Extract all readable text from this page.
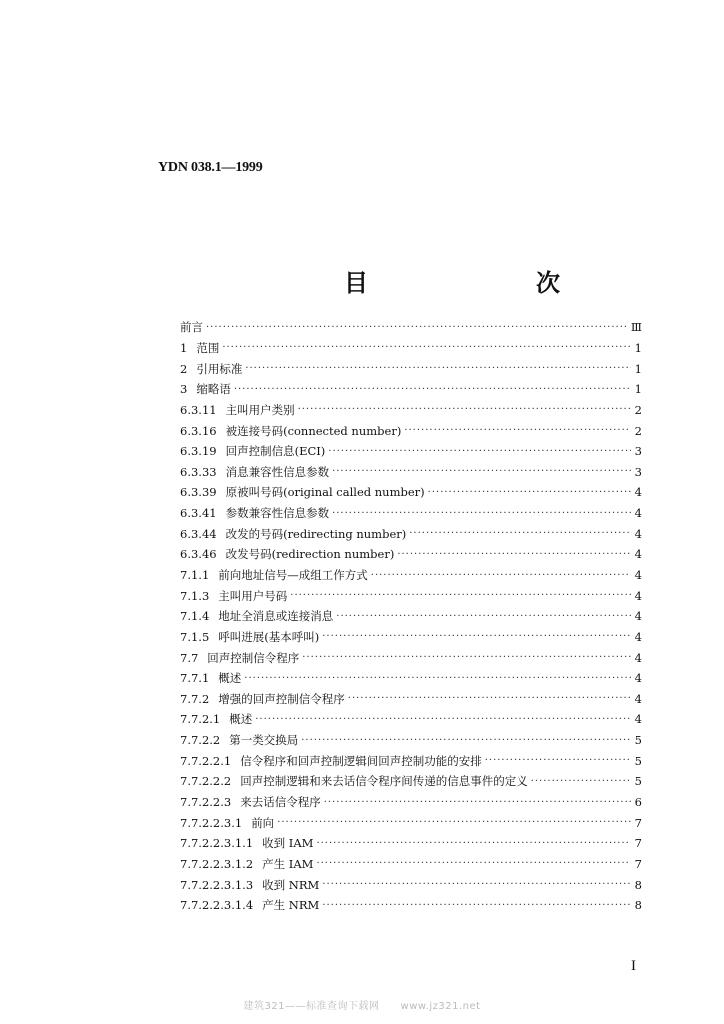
YDN 038.1—1999
目　　次
前言 ·····	Ⅲ
1 范围 ·····	1
2 引用标准 ·····	1
3 缩略语 ·····	1
6.3.11 主叫用户类别 ·····	2
6.3.16 被连接号码(connected number) ·····	2
6.3.19 回声控制信息(ECI) ·····	3
6.3.33 消息兼容性信息参数 ·····	3
6.3.39 原被叫号码(original called number) ·····	4
6.3.41 参数兼容性信息参数 ·····	4
6.3.44 改发的号码(redirecting number) ·····	4
6.3.46 改发号码(redirection number) ·····	4
7.1.1 前向地址信号—成组工作方式 ·····	4
7.1.3 主叫用户号码 ·····	4
7.1.4 地址全消息或连接消息 ·····	4
7.1.5 呼叫进展(基本呼叫) ·····	4
7.7 回声控制信令程序 ·····	4
7.7.1 概述 ·····	4
7.7.2 增强的回声控制信令程序 ·····	4
7.7.2.1 概述 ·····	4
7.7.2.2 第一类交换局 ·····	5
7.7.2.2.1 信令程序和回声控制逻辑间回声控制功能的安排 ·····	5
7.7.2.2.2 回声控制逻辑和来去话信令程序间传递的信息事件的定义 ·····	5
7.7.2.2.3 来去话信令程序 ·····	6
7.7.2.2.3.1 前向 ·····	7
7.7.2.2.3.1.1 收到 IAM ·····	7
7.7.2.2.3.1.2 产生 IAM ·····	7
7.7.2.2.3.1.3 收到 NRM ·····	8
7.7.2.2.3.1.4 产生 NRM ·····	8
I
建筑321——标准查询下载网　　www.jz321.net
